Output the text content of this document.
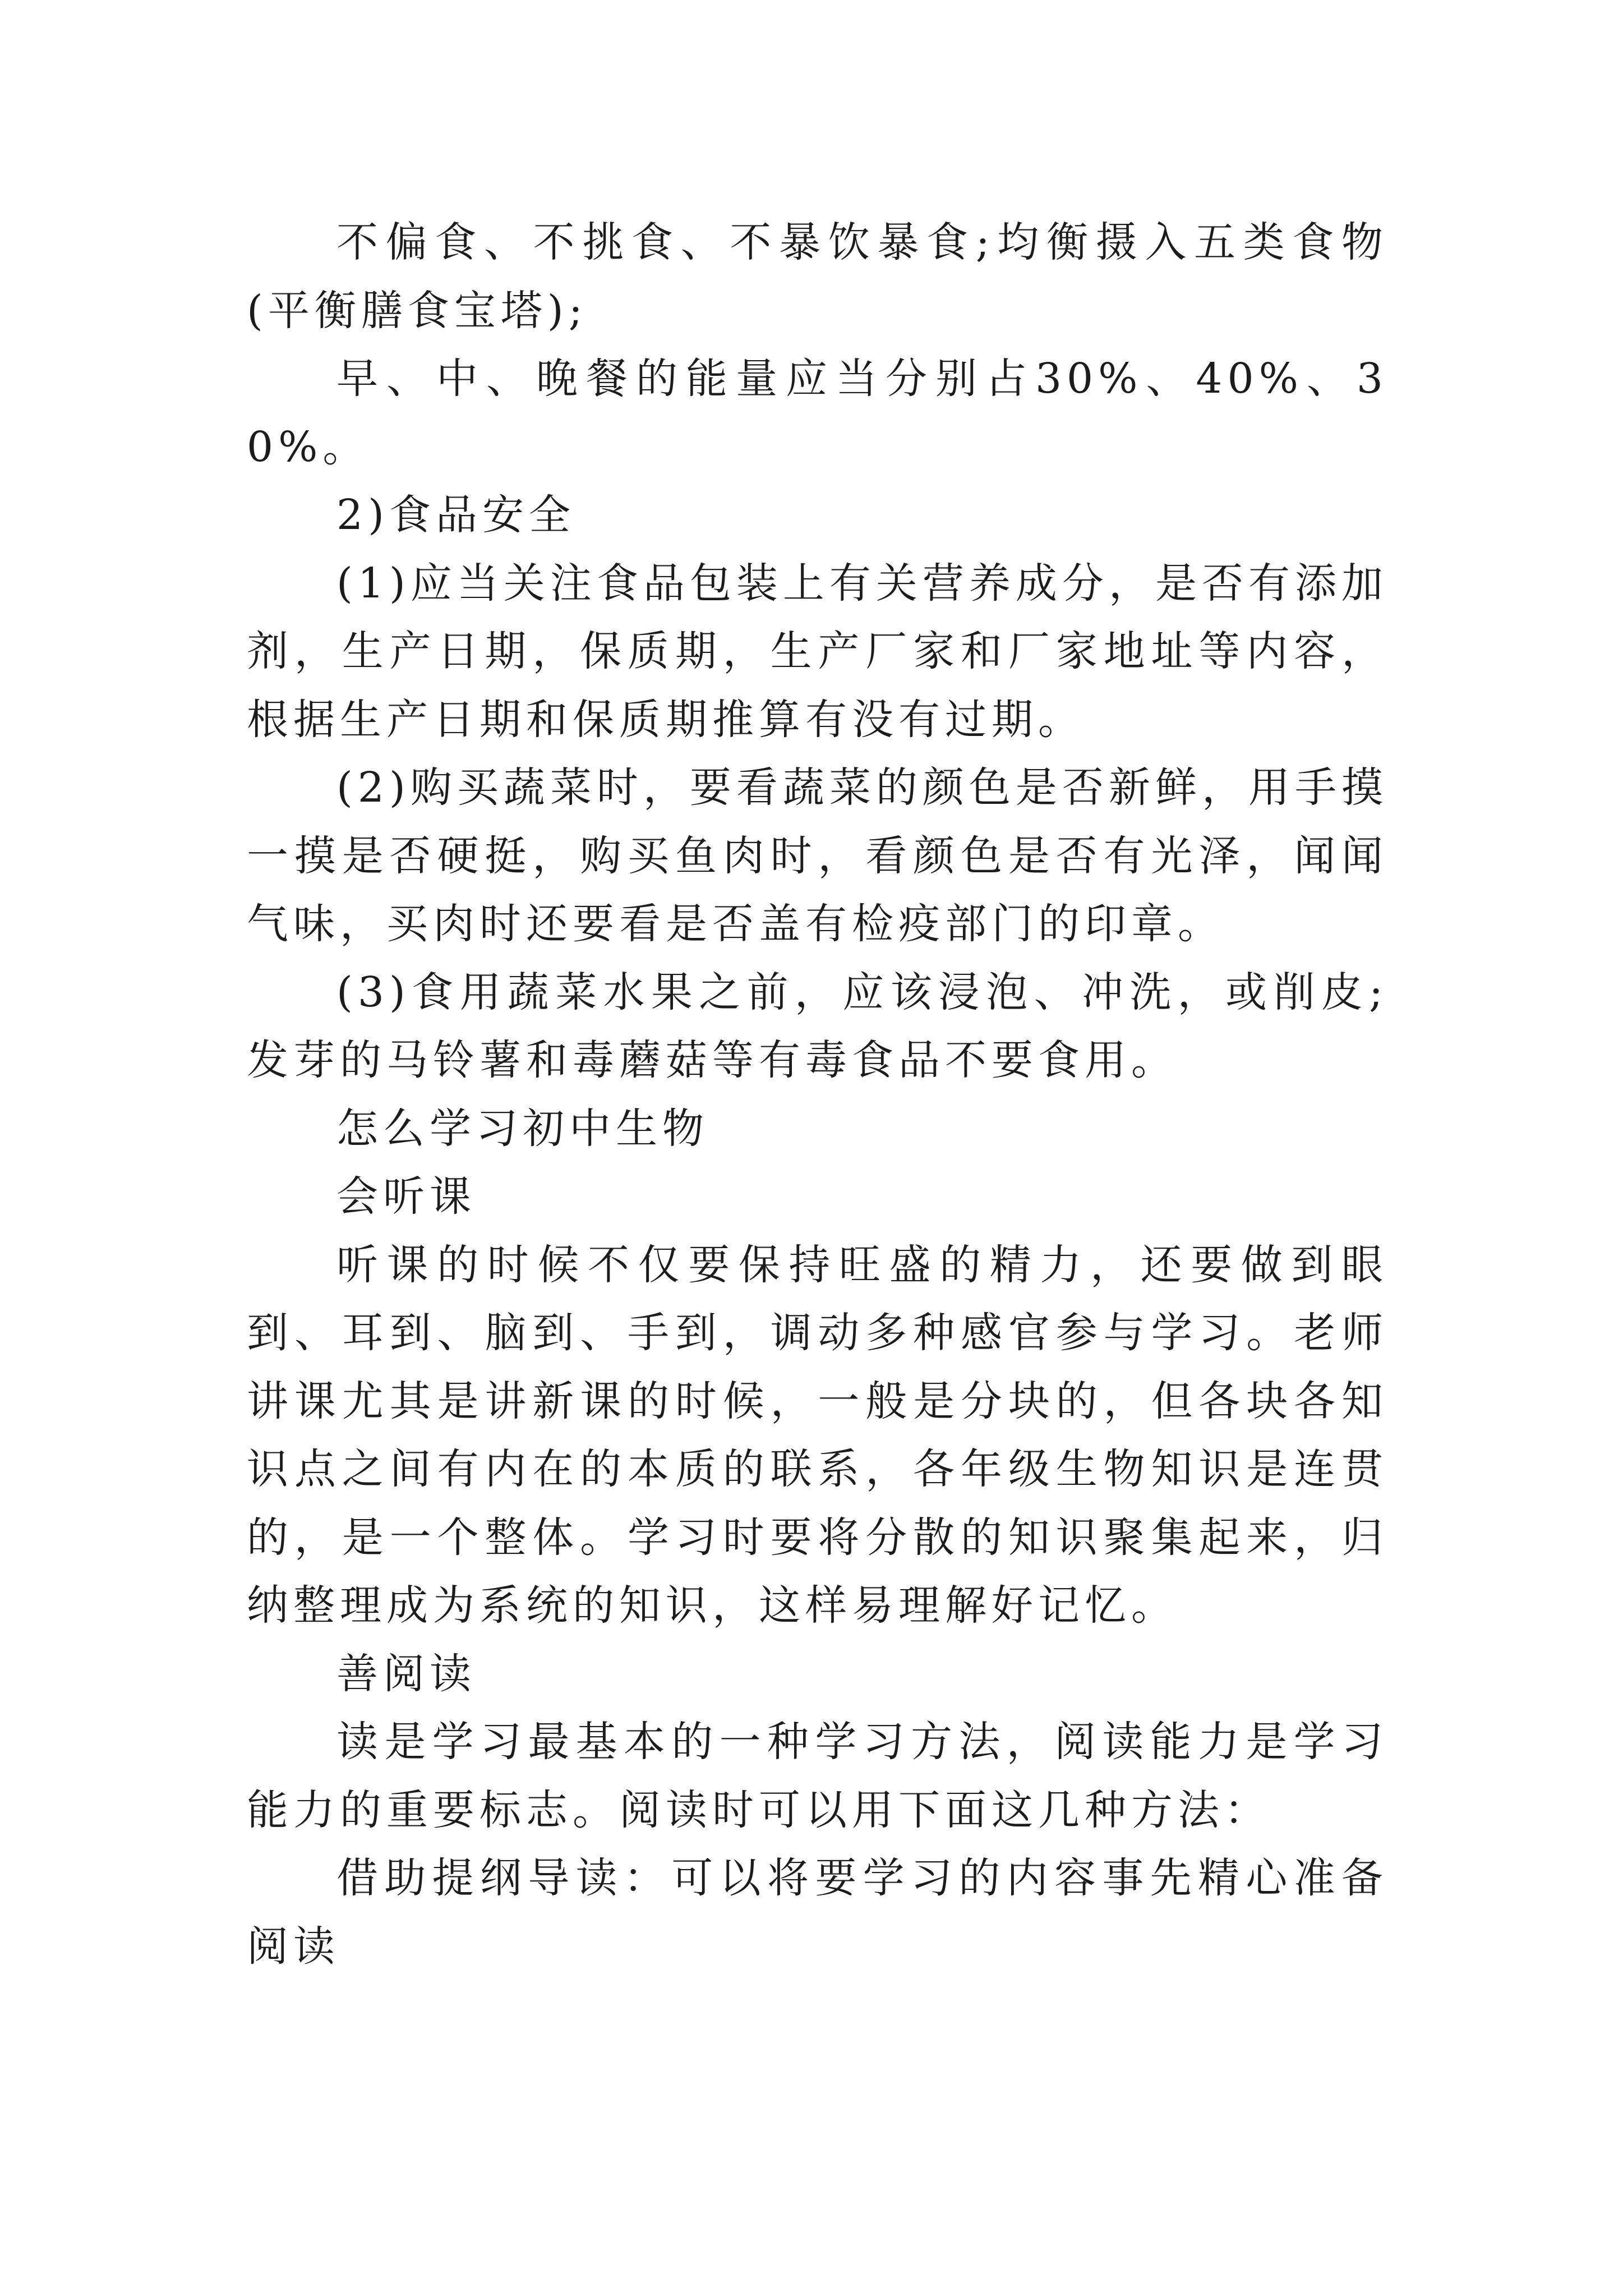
不偏食、不挑食、不暴饮暴食;均衡摄入五类食物(平衡膳食宝塔);

早、中、晚餐的能量应当分别占30%、40%、30%。

2)食品安全

(1)应当关注食品包装上有关营养成分，是否有添加剂，生产日期，保质期，生产厂家和厂家地址等内容，根据生产日期和保质期推算有没有过期。

(2)购买蔬菜时，要看蔬菜的颜色是否新鲜，用手摸一摸是否硬挺，购买鱼肉时，看颜色是否有光泽，闻闻气味，买肉时还要看是否盖有检疫部门的印章。

(3)食用蔬菜水果之前，应该浸泡、冲洗，或削皮;发芽的马铃薯和毒蘑菇等有毒食品不要食用。

怎么学习初中生物

会听课

听课的时候不仅要保持旺盛的精力，还要做到眼到、耳到、脑到、手到，调动多种感官参与学习。老师讲课尤其是讲新课的时候，一般是分块的，但各块各知识点之间有内在的本质的联系，各年级生物知识是连贯的，是一个整体。学习时要将分散的知识聚集起来，归纳整理成为系统的知识，这样易理解好记忆。

善阅读

读是学习最基本的一种学习方法，阅读能力是学习能力的重要标志。阅读时可以用下面这几种方法：

借助提纲导读：可以将要学习的内容事先精心准备阅读
